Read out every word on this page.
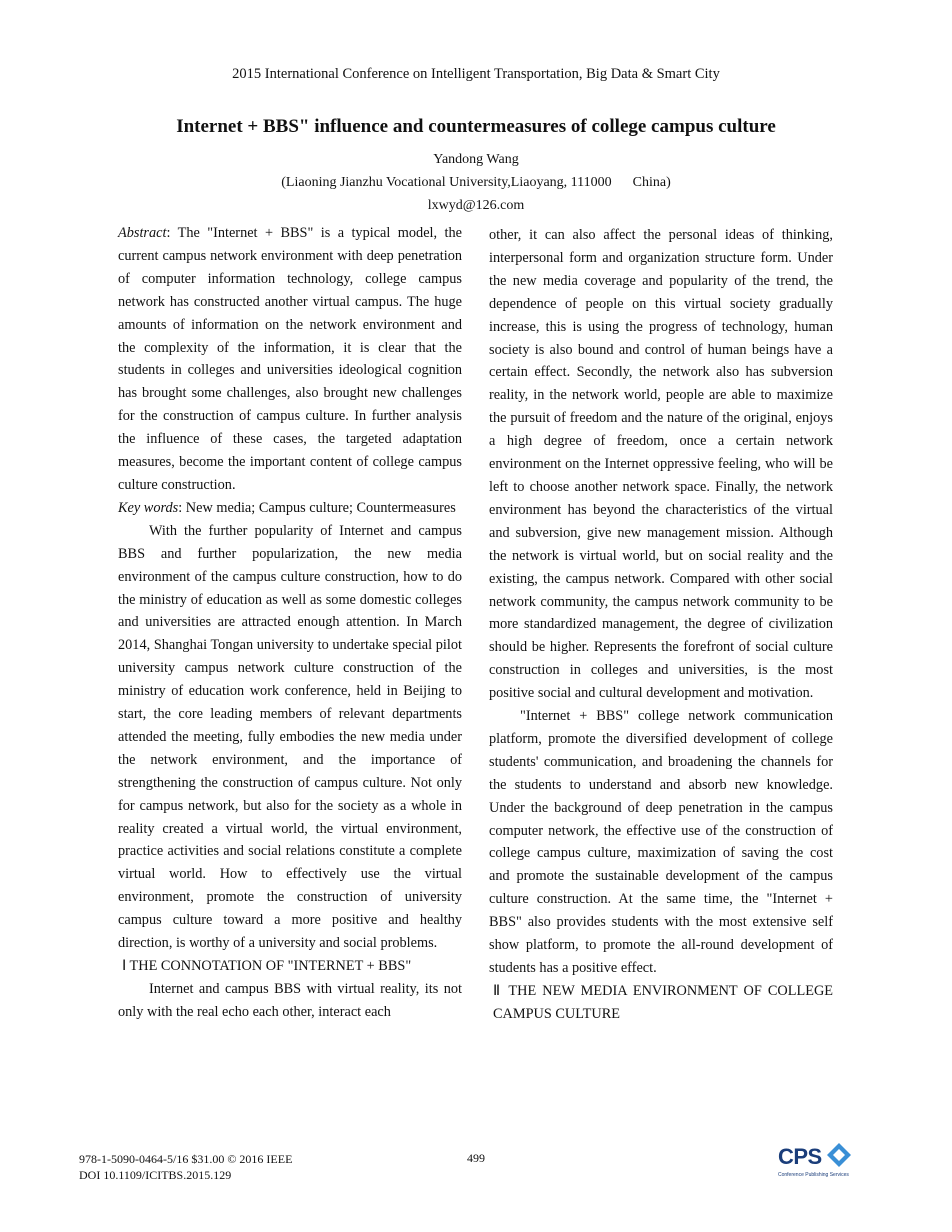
2015 International Conference on Intelligent Transportation, Big Data & Smart City
Internet + BBS" influence and countermeasures of college campus culture
Yandong Wang
(Liaoning Jianzhu Vocational University,Liaoyang, 111000      China)
lxwyd@126.com

Abstract: The "Internet + BBS" is a typical model, the current campus network environment with deep penetration of computer information technology, college campus network has constructed another virtual campus. The huge amounts of information on the network environment and the complexity of the information, it is clear that the students in colleges and universities ideological cognition has brought some challenges, also brought new challenges for the construction of campus culture. In further analysis the influence of these cases, the targeted adaptation measures, become the important content of college campus culture construction.

Key words: New media; Campus culture; Countermeasures

With the further popularity of Internet and campus BBS and further popularization, the new media environment of the campus culture construction, how to do the ministry of education as well as some domestic colleges and universities are attracted enough attention. In March 2014, Shanghai Tongan university to undertake special pilot university campus network culture construction of the ministry of education work conference, held in Beijing to start, the core leading members of relevant departments attended the meeting, fully embodies the new media under the network environment, and the importance of strengthening the construction of campus culture. Not only for campus network, but also for the society as a whole in reality created a virtual world, the virtual environment, practice activities and social relations constitute a complete virtual world. How to effectively use the virtual environment, promote the construction of university campus culture toward a more positive and healthy direction, is worthy of a university and social problems.

Ⅰ THE CONNOTATION OF "INTERNET + BBS"

Internet and campus BBS with virtual reality, its not only with the real echo each other, interact each

other, it can also affect the personal ideas of thinking, interpersonal form and organization structure form. Under the new media coverage and popularity of the trend, the dependence of people on this virtual society gradually increase, this is using the progress of technology, human society is also bound and control of human beings have a certain effect. Secondly, the network also has subversion reality, in the network world, people are able to maximize the pursuit of freedom and the nature of the original, enjoys a high degree of freedom, once a certain network environment on the Internet oppressive feeling, who will be left to choose another network space. Finally, the network environment has beyond the characteristics of the virtual and subversion, give new management mission. Although the network is virtual world, but on social reality and the existing, the campus network. Compared with other social network community, the campus network community to be more standardized management, the degree of civilization should be higher. Represents the forefront of social culture construction in colleges and universities, is the most positive social and cultural development and motivation.

"Internet + BBS" college network communication platform, promote the diversified development of college students' communication, and broadening the channels for the students to understand and absorb new knowledge. Under the background of deep penetration in the campus computer network, the effective use of the construction of college campus culture, maximization of saving the cost and promote the sustainable development of the campus culture construction. At the same time, the "Internet + BBS" also provides students with the most extensive self show platform, to promote the all-round development of students has a positive effect.

Ⅱ THE NEW MEDIA ENVIRONMENT OF COLLEGE CAMPUS CULTURE

978-1-5090-0464-5/16 $31.00 © 2016 IEEE
DOI 10.1109/ICITBS.2015.129
499	CPS
Conference Publishing Services
